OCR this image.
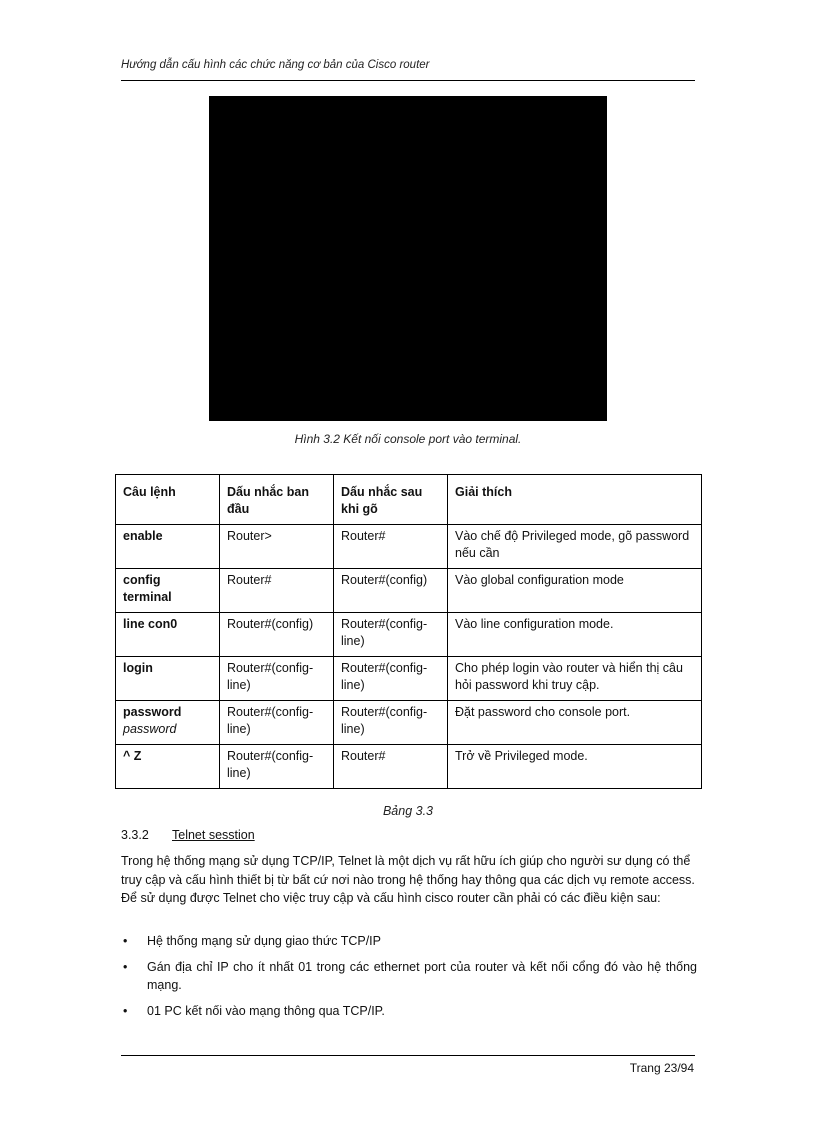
Hướng dẫn cấu hình các chức năng cơ bản của Cisco router
Hình 3.2 Kết nối console port vào terminal.
Câu lệnh	Dấu nhắc ban đầu	Dấu nhắc sau khi gõ	Giải thích
enable	Router>	Router#	Vào chế độ Privileged mode, gõ password nếu cần
config terminal	Router#	Router#(config)	Vào global configuration mode
line con0	Router#(config)	Router#(config-line)	Vào line configuration mode.
login	Router#(config-line)	Router#(config-line)	Cho phép login vào router và hiển thị câu hỏi password khi truy cập.
password
password	Router#(config-line)	Router#(config-line)	Đặt password cho console port.
^ Z	Router#(config-line)	Router#	Trở về Privileged mode.
Bảng 3.3
3.3.2 Telnet sesstion
Trong hệ thống mạng sử dụng TCP/IP, Telnet là một dịch vụ rất hữu ích giúp cho người sư dụng có thể truy cập và cấu hình thiết bị từ bất cứ nơi nào trong hệ thống hay thông qua các dịch vụ remote access. Để sử dụng được Telnet cho việc truy cập và cấu hình cisco router cần phải có các điều kiện sau:
• Hệ thống mạng sử dụng giao thức TCP/IP
• Gán địa chỉ IP cho ít nhất 01 trong các ethernet port của router và kết nối cổng đó vào hệ thống mạng.
• 01 PC kết nối vào mạng thông qua TCP/IP.
Trang 23/94
